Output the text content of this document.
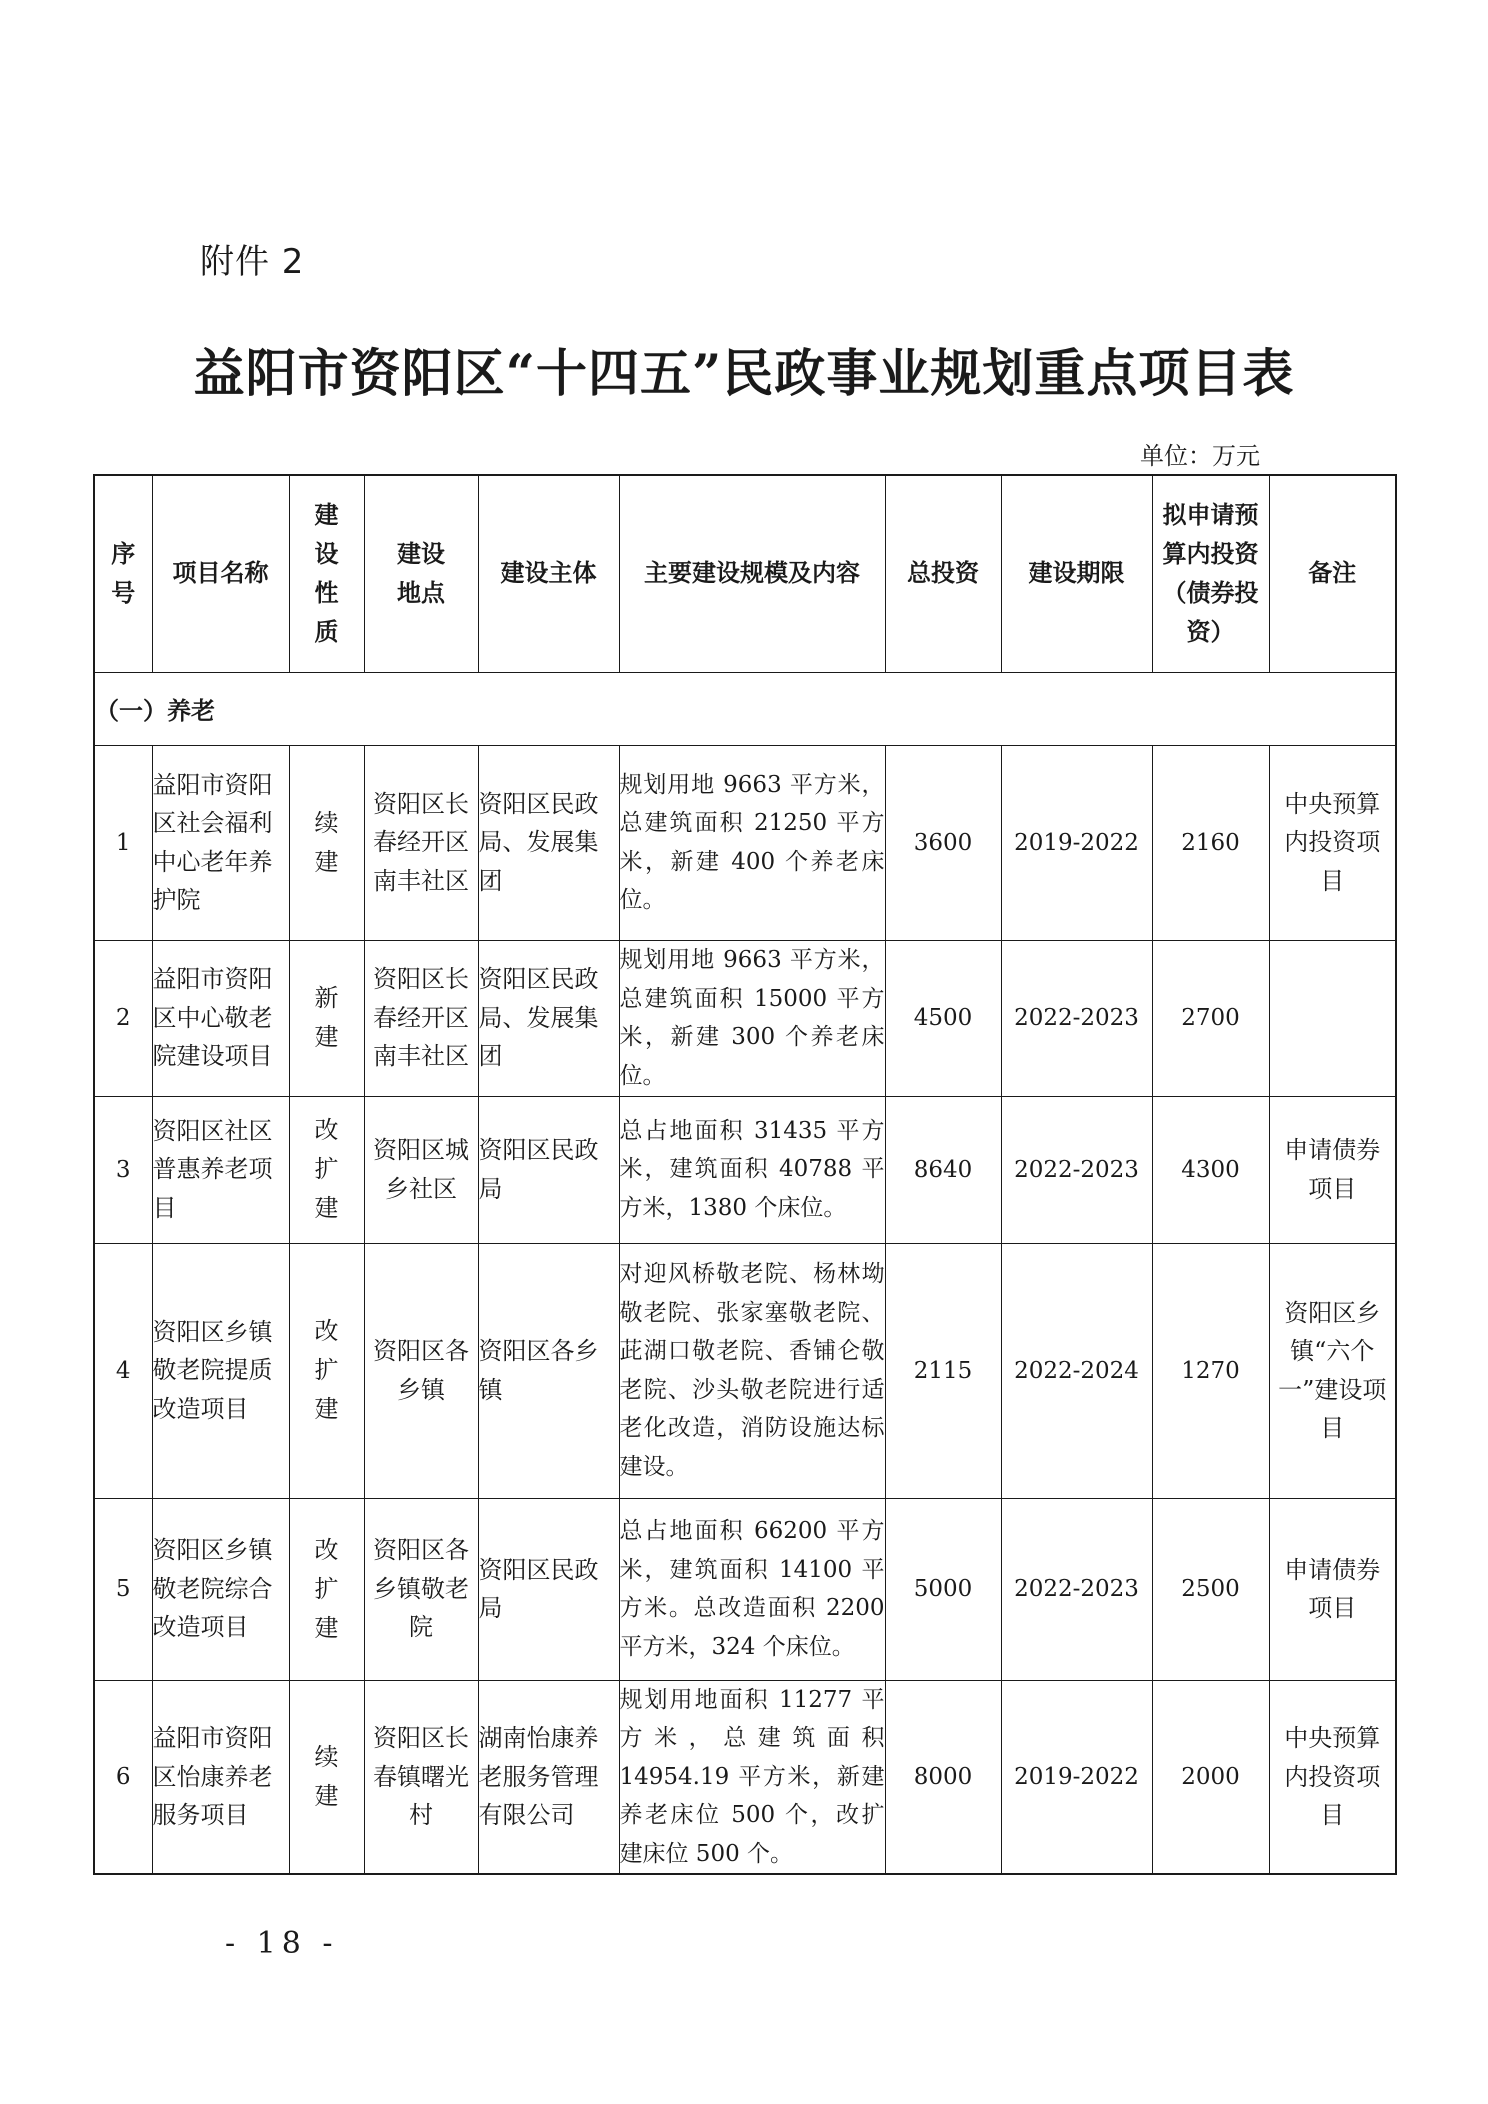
附件 2
益阳市资阳区“十四五”民政事业规划重点项目表
单位：万元
序号	项目名称	建设性质	建设地点	建设主体	主要建设规模及内容	总投资	建设期限	拟申请预算内投资（债券投资）	备注
（一）养老									
1	益阳市资阳区社会福利中心老年养护院	续建	资阳区长春经开区南丰社区	资阳区民政局、发展集团	规划用地 9663 平方米，总建筑面积 21250 平方米，新建 400 个养老床位。	3600	2019-2022	2160	中央预算内投资项目
2	益阳市资阳区中心敬老院建设项目	新建	资阳区长春经开区南丰社区	资阳区民政局、发展集团	规划用地 9663 平方米，总建筑面积 15000 平方米，新建 300 个养老床位。	4500	2022-2023	2700	
3	资阳区社区普惠养老项目	改扩建	资阳区城乡社区	资阳区民政局	总占地面积 31435 平方米，建筑面积 40788 平方米，1380 个床位。	8640	2022-2023	4300	申请债券项目
4	资阳区乡镇敬老院提质改造项目	改扩建	资阳区各乡镇	资阳区各乡镇	对迎风桥敬老院、杨林坳敬老院、张家塞敬老院、茈湖口敬老院、香铺仑敬老院、沙头敬老院进行适老化改造，消防设施达标建设。	2115	2022-2024	1270	资阳区乡镇“六个一”建设项目
5	资阳区乡镇敬老院综合改造项目	改扩建	资阳区各乡镇敬老院	资阳区民政局	总占地面积 66200 平方米，建筑面积 14100 平方米。总改造面积 2200 平方米，324 个床位。	5000	2022-2023	2500	申请债券项目
6	益阳市资阳区怡康养老服务项目	续建	资阳区长春镇曙光村	湖南怡康养老服务管理有限公司	规划用地面积 11277 平方米，总建筑面积 14954.19 平方米，新建养老床位 500 个，改扩建床位 500 个。	8000	2019-2022	2000	中央预算内投资项目
- 18 -
